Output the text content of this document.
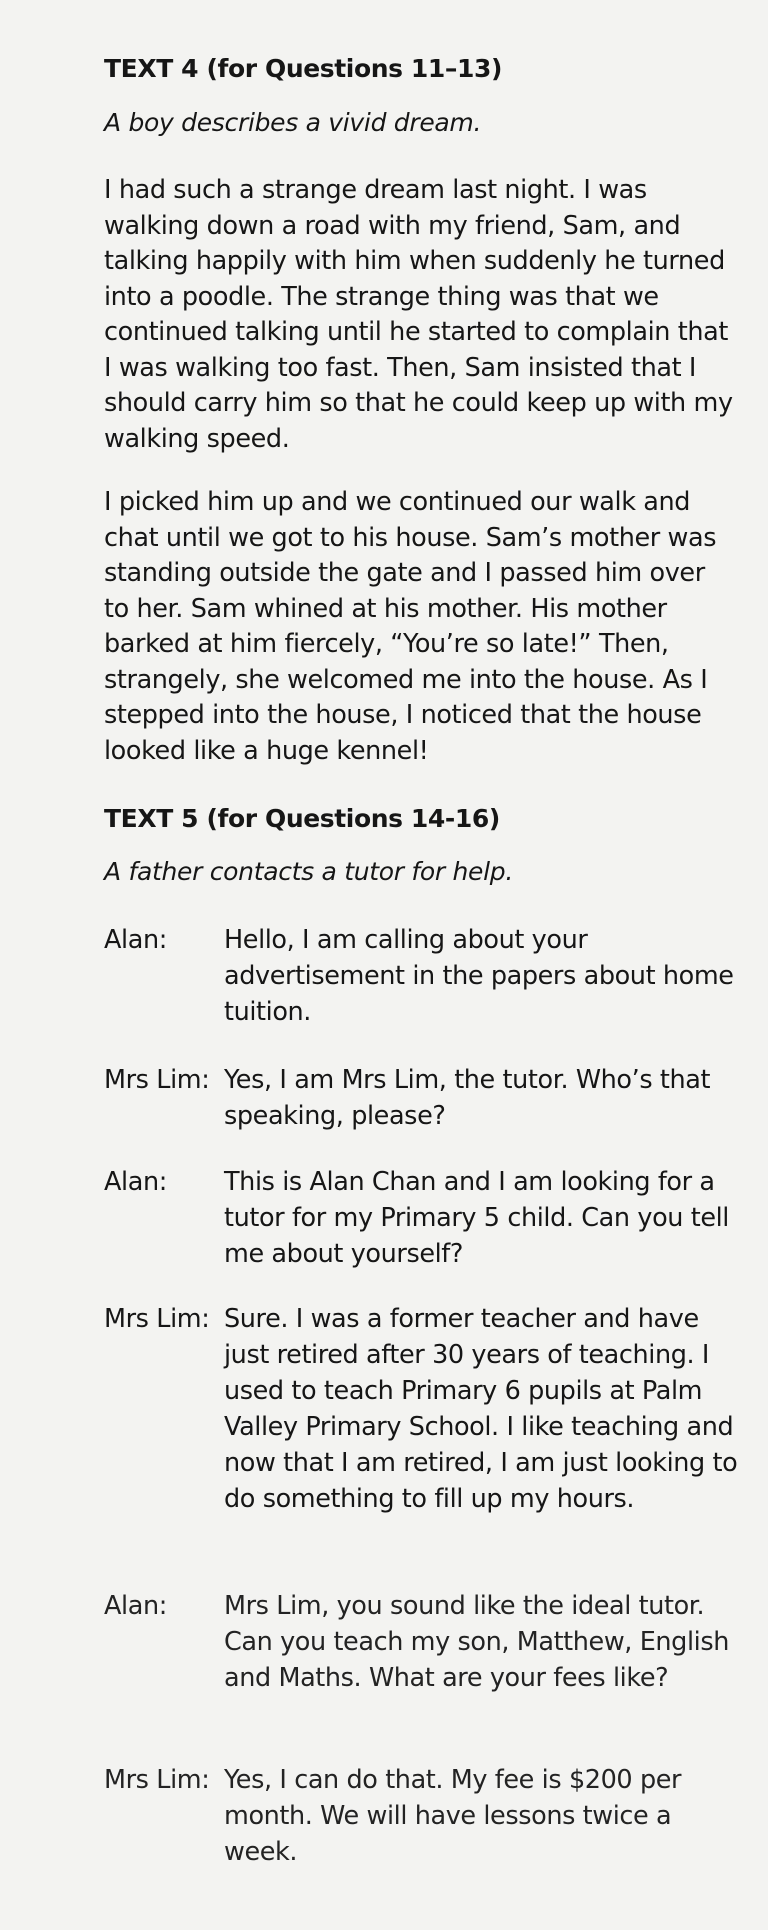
TEXT 4 (for Questions 11–13)

A boy describes a vivid dream.

I had such a strange dream last night. I was walking down a road with my friend, Sam, and talking happily with him when suddenly he turned into a poodle. The strange thing was that we continued talking until he started to complain that I was walking too fast. Then, Sam insisted that I should carry him so that he could keep up with my walking speed.

I picked him up and we continued our walk and chat until we got to his house. Sam’s mother was standing outside the gate and I passed him over to her. Sam whined at his mother. His mother barked at him fiercely, “You’re so late!” Then, strangely, she welcomed me into the house. As I stepped into the house, I noticed that the house looked like a huge kennel!

TEXT 5 (for Questions 14-16)

A father contacts a tutor for help.

Alan: Hello, I am calling about your advertisement in the papers about home tuition.

Mrs Lim: Yes, I am Mrs Lim, the tutor. Who’s that speaking, please?

Alan: This is Alan Chan and I am looking for a tutor for my Primary 5 child. Can you tell me about yourself?

Mrs Lim: Sure. I was a former teacher and have just retired after 30 years of teaching. I used to teach Primary 6 pupils at Palm Valley Primary School. I like teaching and now that I am retired, I am just looking to do something to fill up my hours.

Alan: Mrs Lim, you sound like the ideal tutor. Can you teach my son, Matthew, English and Maths. What are your fees like?

Mrs Lim: Yes, I can do that. My fee is $200 per month. We will have lessons twice a week.
